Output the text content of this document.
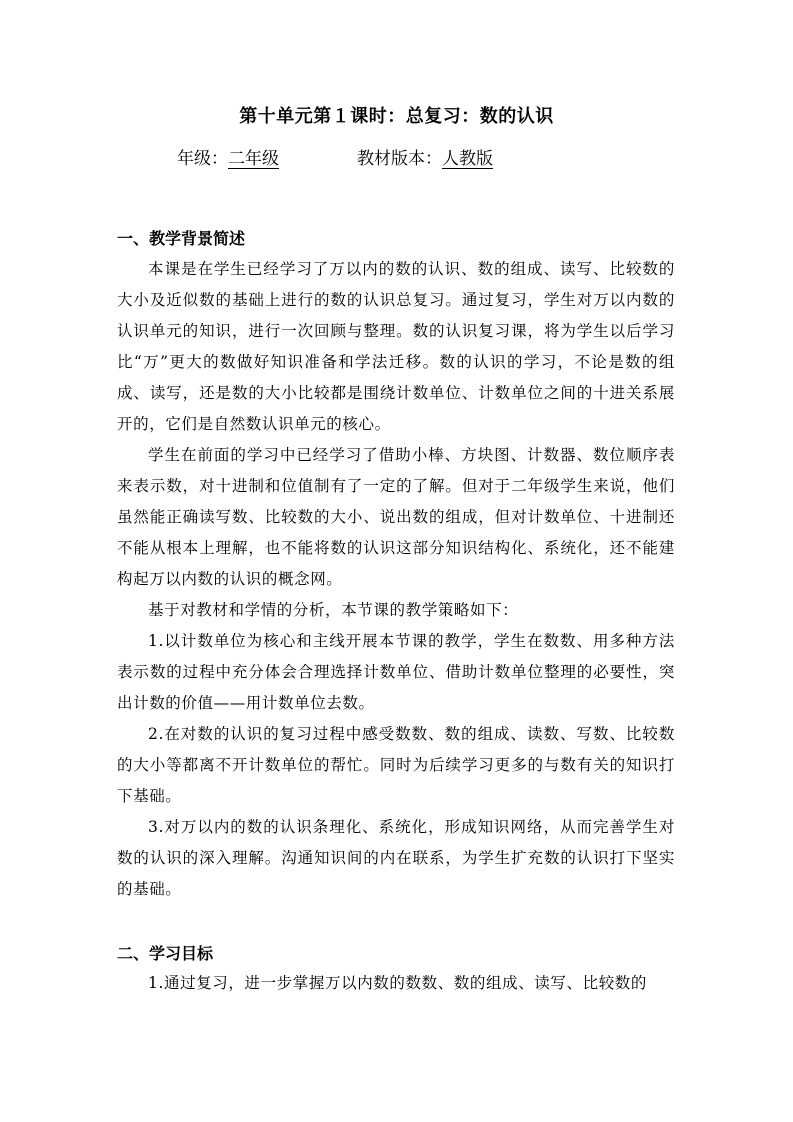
第十单元第１课时：总复习：数的认识
年级：二年级	教材版本：人教版
一、教学背景简述

本课是在学生已经学习了万以内的数的认识、数的组成、读写、比较数的大小及近似数的基础上进行的数的认识总复习。通过复习，学生对万以内数的认识单元的知识，进行一次回顾与整理。数的认识复习课，将为学生以后学习比“万”更大的数做好知识准备和学法迁移。数的认识的学习，不论是数的组成、读写，还是数的大小比较都是围绕计数单位、计数单位之间的十进关系展开的，它们是自然数认识单元的核心。

学生在前面的学习中已经学习了借助小棒、方块图、计数器、数位顺序表来表示数，对十进制和位值制有了一定的了解。但对于二年级学生来说，他们虽然能正确读写数、比较数的大小、说出数的组成，但对计数单位、十进制还不能从根本上理解，也不能将数的认识这部分知识结构化、系统化，还不能建构起万以内数的认识的概念网。

基于对教材和学情的分析，本节课的教学策略如下：

1.以计数单位为核心和主线开展本节课的教学，学生在数数、用多种方法表示数的过程中充分体会合理选择计数单位、借助计数单位整理的必要性，突出计数的价值——用计数单位去数。

2.在对数的认识的复习过程中感受数数、数的组成、读数、写数、比较数的大小等都离不开计数单位的帮忙。同时为后续学习更多的与数有关的知识打下基础。

3.对万以内的数的认识条理化、系统化，形成知识网络，从而完善学生对数的认识的深入理解。沟通知识间的内在联系，为学生扩充数的认识打下坚实的基础。

二、学习目标

1.通过复习，进一步掌握万以内数的数数、数的组成、读写、比较数的
